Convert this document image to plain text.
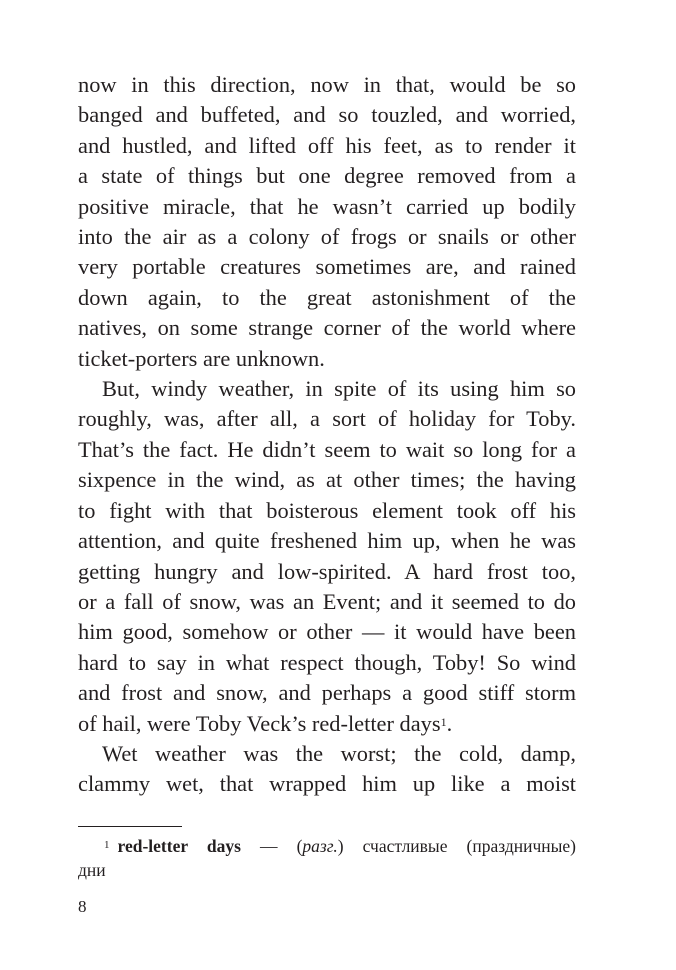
now in this direction, now in that, would be so
banged and buffeted, and so touzled, and worried,
and hustled, and lifted off his feet, as to render it
a state of things but one degree removed from a
positive miracle, that he wasn’t carried up bodily
into the air as a colony of frogs or snails or other
very portable creatures sometimes are, and rained
down again, to the great astonishment of the
natives, on some strange corner of the world where
ticket-porters are unknown.
But, windy weather, in spite of its using him so
roughly, was, after all, a sort of holiday for Toby.
That’s the fact. He didn’t seem to wait so long for a
sixpence in the wind, as at other times; the having
to fight with that boisterous element took off his
attention, and quite freshened him up, when he was
getting hungry and low-spirited. A hard frost too,
or a fall of snow, was an Event; and it seemed to do
him good, somehow or other — it would have been
hard to say in what respect though, Toby! So wind
and frost and snow, and perhaps a good stiff storm
of hail, were Toby Veck’s red-letter days$^1$.
Wet weather was the worst; the cold, damp,
clammy wet, that wrapped him up like a moist
$^1$ red-letter days — (разг.) счастливые (праздничные)
дни
8
